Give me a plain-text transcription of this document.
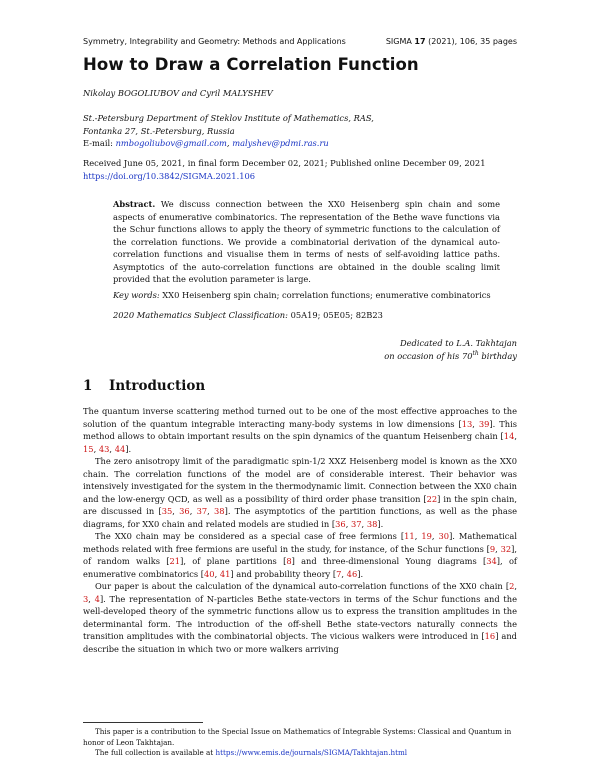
Symmetry, Integrability and Geometry: Methods and Applications	SIGMA 17 (2021), 106, 35 pages
How to Draw a Correlation Function
Nikolay BOGOLIUBOV and Cyril MALYSHEV
St.-Petersburg Department of Steklov Institute of Mathematics, RAS,
Fontanka 27, St.-Petersburg, Russia
E-mail: nmbogoliubov@gmail.com, malyshev@pdmi.ras.ru
Received June 05, 2021, in final form December 02, 2021; Published online December 09, 2021
https://doi.org/10.3842/SIGMA.2021.106
Abstract. We discuss connection between the XX0 Heisenberg spin chain and some aspects of enumerative combinatorics. The representation of the Bethe wave functions via the Schur functions allows to apply the theory of symmetric functions to the calculation of the correlation functions. We provide a combinatorial derivation of the dynamical auto-correlation functions and visualise them in terms of nests of self-avoiding lattice paths. Asymptotics of the auto-correlation functions are obtained in the double scaling limit provided that the evolution parameter is large.
Key words: XX0 Heisenberg spin chain; correlation functions; enumerative combinatorics
2020 Mathematics Subject Classification: 05A19; 05E05; 82B23
Dedicated to L.A. Takhtajan
on occasion of his 70th birthday
1 Introduction

The quantum inverse scattering method turned out to be one of the most effective approaches to the solution of the quantum integrable interacting many-body systems in low dimensions [13, 39]. This method allows to obtain important results on the spin dynamics of the quantum Heisenberg chain [14, 15, 43, 44].

The zero anisotropy limit of the paradigmatic spin-1/2 XXZ Heisenberg model is known as the XX0 chain. The correlation functions of the model are of considerable interest. Their behavior was intensively investigated for the system in the thermodynamic limit. Connection between the XX0 chain and the low-energy QCD, as well as a possibility of third order phase transition [22] in the spin chain, are discussed in [35, 36, 37, 38]. The asymptotics of the partition functions, as well as the phase diagrams, for XX0 chain and related models are studied in [36, 37, 38].

The XX0 chain may be considered as a special case of free fermions [11, 19, 30]. Mathematical methods related with free fermions are useful in the study, for instance, of the Schur functions [9, 32], of random walks [21], of plane partitions [8] and three-dimensional Young diagrams [34], of enumerative combinatorics [40, 41] and probability theory [7, 46].

Our paper is about the calculation of the dynamical auto-correlation functions of the XX0 chain [2, 3, 4]. The representation of N-particles Bethe state-vectors in terms of the Schur functions and the well-developed theory of the symmetric functions allow us to express the transition amplitudes in the determinantal form. The introduction of the off-shell Bethe state-vectors naturally connects the transition amplitudes with the combinatorial objects. The vicious walkers were introduced in [16] and describe the situation in which two or more walkers arriving

This paper is a contribution to the Special Issue on Mathematics of Integrable Systems: Classical and Quantum in honor of Leon Takhtajan.

The full collection is available at https://www.emis.de/journals/SIGMA/Takhtajan.html
